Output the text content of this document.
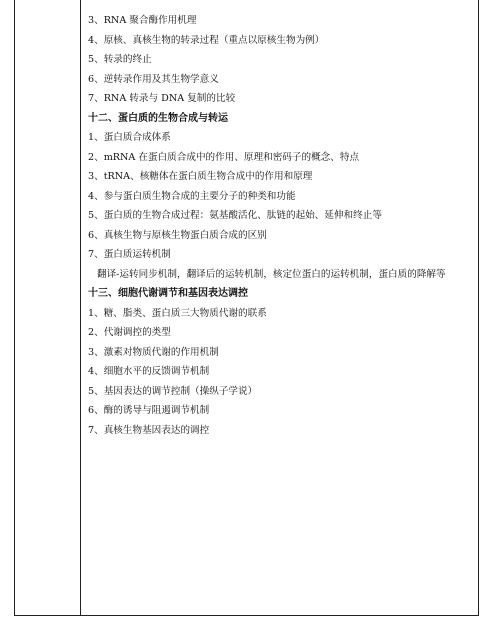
3、RNA 聚合酶作用机理
4、原核、真核生物的转录过程（重点以原核生物为例）
5、转录的终止
6、逆转录作用及其生物学意义
7、RNA 转录与 DNA 复制的比较
十二、蛋白质的生物合成与转运
1、蛋白质合成体系
2、mRNA 在蛋白质合成中的作用、原理和密码子的概念、特点
3、tRNA、核糖体在蛋白质生物合成中的作用和原理
4、参与蛋白质生物合成的主要分子的种类和功能
5、蛋白质的生物合成过程：氨基酸活化、肽链的起始、延伸和终止等
6、真核生物与原核生物蛋白质合成的区别
7、蛋白质运转机制
翻译-运转同步机制，翻译后的运转机制，核定位蛋白的运转机制，蛋白质的降解等
十三、细胞代谢调节和基因表达调控
1、糖、脂类、蛋白质三大物质代谢的联系
2、代谢调控的类型
3、激素对物质代谢的作用机制
4、细胞水平的反馈调节机制
5、基因表达的调节控制（操纵子学说）
6、酶的诱导与阻遏调节机制
7、真核生物基因表达的调控
